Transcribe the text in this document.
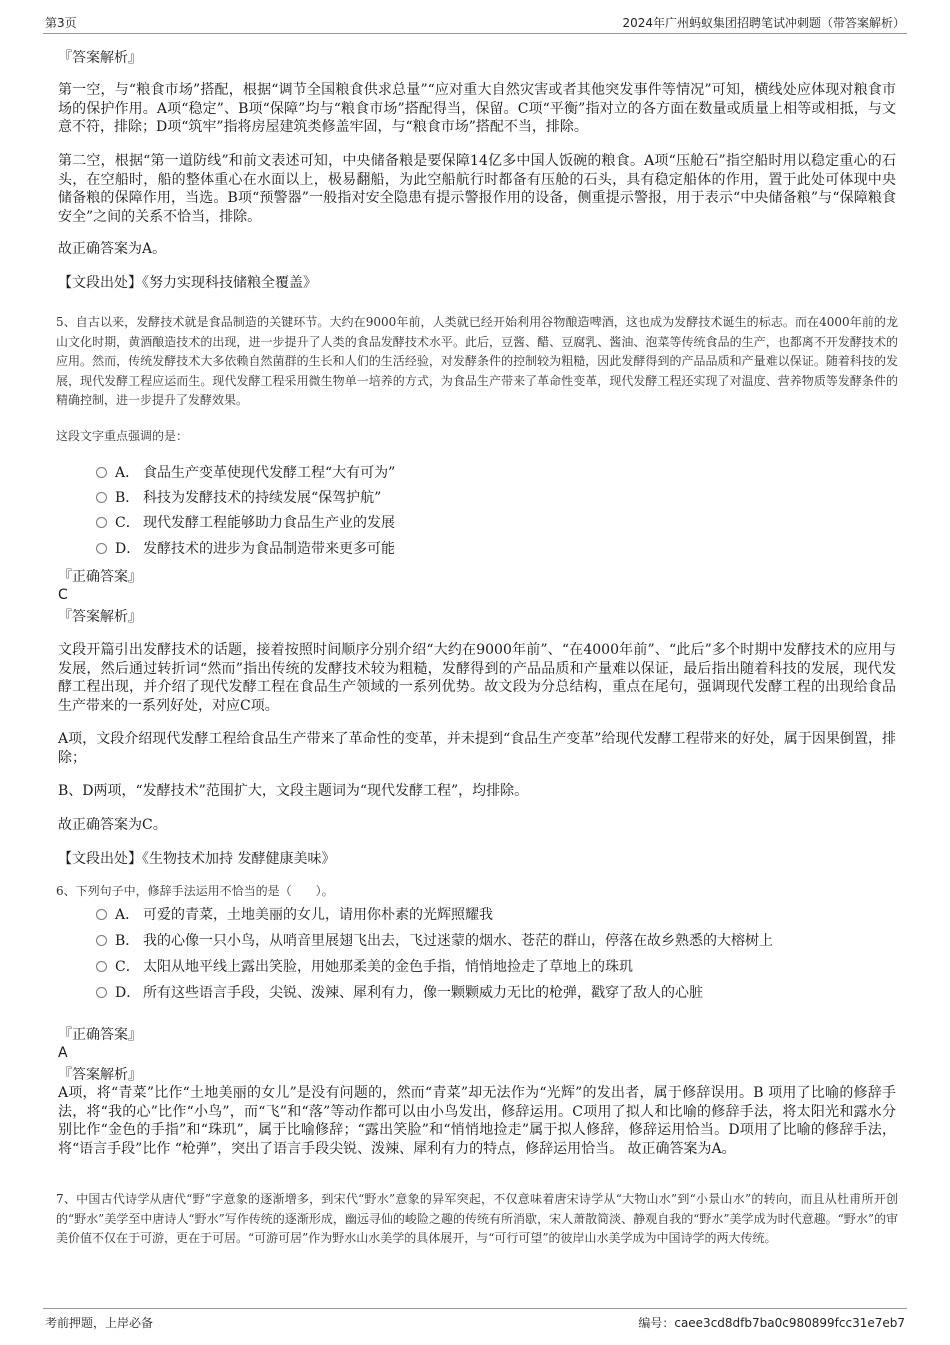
第3页	2024年广州蚂蚁集团招聘笔试冲刺题（带答案解析）

『答案解析』

第一空，与“粮食市场”搭配，根据“调节全国粮食供求总量”“应对重大自然灾害或者其他突发事件等情况”可知，横线处应体现对粮食市场的保护作用。A项“稳定”、B项“保障”均与“粮食市场”搭配得当，保留。C项“平衡”指对立的各方面在数量或质量上相等或相抵，与文意不符，排除；D项“筑牢”指将房屋建筑类修盖牢固，与“粮食市场”搭配不当，排除。

第二空，根据“第一道防线”和前文表述可知，中央储备粮是要保障14亿多中国人饭碗的粮食。A项“压舱石”指空船时用以稳定重心的石头，在空船时，船的整体重心在水面以上，极易翻船，为此空船航行时都备有压舱的石头，具有稳定船体的作用，置于此处可体现中央储备粮的保障作用，当选。B项“预警器”一般指对安全隐患有提示警报作用的设备，侧重提示警报，用于表示“中央储备粮”与“保障粮食安全”之间的关系不恰当，排除。

故正确答案为A。

【文段出处】《努力实现科技储粮全覆盖》

5、自古以来，发酵技术就是食品制造的关键环节。大约在9000年前，人类就已经开始利用谷物酿造啤酒，这也成为发酵技术诞生的标志。而在4000年前的龙山文化时期，黄酒酿造技术的出现，进一步提升了人类的食品发酵技术水平。此后，豆酱、醋、豆腐乳、酱油、泡菜等传统食品的生产，也都离不开发酵技术的应用。然而，传统发酵技术大多依赖自然菌群的生长和人们的生活经验，对发酵条件的控制较为粗糙，因此发酵得到的产品品质和产量难以保证。随着科技的发展，现代发酵工程应运而生。现代发酵工程采用微生物单一培养的方式，为食品生产带来了革命性变革，现代发酵工程还实现了对温度、营养物质等发酵条件的精确控制，进一步提升了发酵效果。

这段文字重点强调的是：

A． 食品生产变革使现代发酵工程“大有可为”
B． 科技为发酵技术的持续发展“保驾护航”
C． 现代发酵工程能够助力食品生产业的发展
D． 发酵技术的进步为食品制造带来更多可能

『正确答案』

C

『答案解析』

文段开篇引出发酵技术的话题，接着按照时间顺序分别介绍“大约在9000年前”、“在4000年前”、“此后”多个时期中发酵技术的应用与发展，然后通过转折词“然而”指出传统的发酵技术较为粗糙，发酵得到的产品品质和产量难以保证，最后指出随着科技的发展，现代发酵工程出现，并介绍了现代发酵工程在食品生产领域的一系列优势。故文段为分总结构，重点在尾句，强调现代发酵工程的出现给食品生产带来的一系列好处，对应C项。

A项，文段介绍现代发酵工程给食品生产带来了革命性的变革，并未提到“食品生产变革”给现代发酵工程带来的好处，属于因果倒置，排除；

B、D两项，“发酵技术”范围扩大，文段主题词为“现代发酵工程”，均排除。

故正确答案为C。

【文段出处】《生物技术加持 发酵健康美味》

6、下列句子中，修辞手法运用不恰当的是（　　）。

A． 可爱的青菜，土地美丽的女儿，请用你朴素的光辉照耀我
B． 我的心像一只小鸟，从哨音里展翅飞出去，飞过迷蒙的烟水、苍茫的群山，停落在故乡熟悉的大榕树上
C． 太阳从地平线上露出笑脸，用她那柔美的金色手指，悄悄地捡走了草地上的珠玑
D． 所有这些语言手段，尖锐、泼辣、犀利有力，像一颗颗威力无比的枪弹，戳穿了敌人的心脏

『正确答案』

A

『答案解析』

A项，将“青菜”比作“土地美丽的女儿”是没有问题的，然而“青菜”却无法作为“光辉”的发出者，属于修辞误用。B 项用了比喻的修辞手法，将“我的心”比作“小鸟”，而“飞”和“落”等动作都可以由小鸟发出，修辞运用。C项用了拟人和比喻的修辞手法，将太阳光和露水分 别比作“金色的手指”和“珠玑”，属于比喻修辞；“露出笑脸”和“悄悄地捡走”属于拟人修辞，修辞运用恰当。D项用了比喻的修辞手法，将“语言手段”比作 “枪弹”，突出了语言手段尖锐、泼辣、犀利有力的特点，修辞运用恰当。 故正确答案为A。

7、中国古代诗学从唐代“野”字意象的逐渐增多，到宋代“野水”意象的异军突起，不仅意味着唐宋诗学从“大物山水”到“小景山水”的转向，而且从杜甫所开创的“野水”美学至中唐诗人“野水”写作传统的逐渐形成，幽远寻仙的峻险之趣的传统有所消歇，宋人萧散简淡、静观自我的“野水”美学成为时代意趣。“野水”的审美价值不仅在于可游，更在于可居。“可游可居”作为野水山水美学的具体展开，与“可行可望”的彼岸山水美学成为中国诗学的两大传统。

考前押题，上岸必备	编号：caee3cd8dfb7ba0c980899fcc31e7eb7
